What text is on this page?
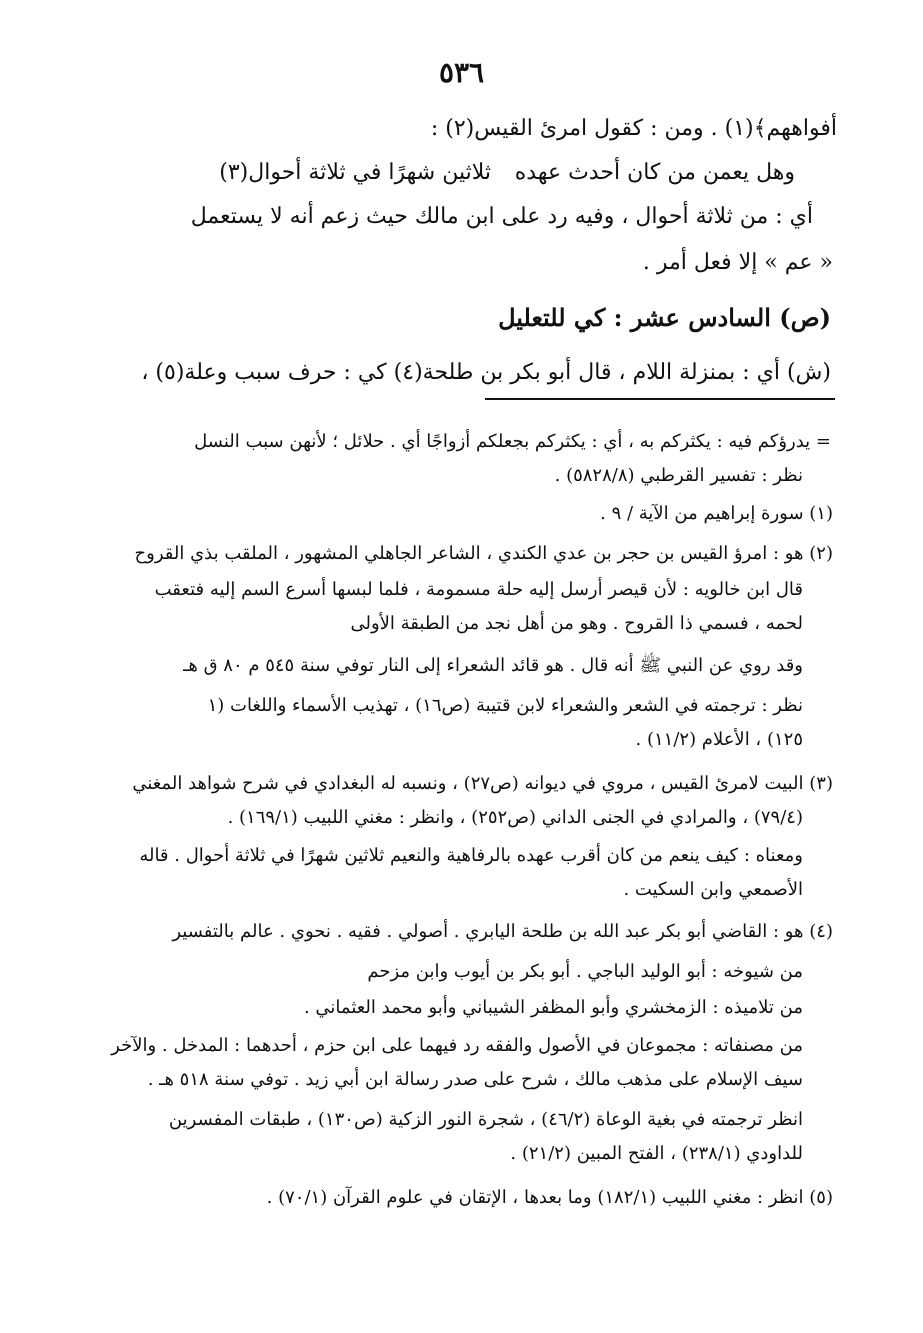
٥٣٦

أفواههم﴾(١) . ومن : كقول امرئ القيس(٢) :

وهل يعمن من كان أحدث عهده
ثلاثين شهرًا في ثلاثة أحوال(٣)

أي : من ثلاثة أحوال ، وفيه رد على ابن مالك حيث زعم أنه لا يستعمل

« عم » إلا فعل أمر .

(ص) السادس عشر : كي للتعليل

(ش) أي : بمنزلة اللام ، قال أبو بكر بن طلحة(٤) كي : حرف سبب وعلة(٥) ،

= يدرؤكم فيه : يكثركم به ، أي : يكثركم بجعلكم أزواجًا أي . حلائل ؛ لأنهن سبب النسل

نظر : تفسير القرطبي (٥٨٢٨/٨) .

(١) سورة إبراهيم من الآية / ٩ .

(٢) هو : امرؤ القيس بن حجر بن عدي الكندي ، الشاعر الجاهلي المشهور ، الملقب بذي القروح

قال ابن خالويه : لأن قيصر أرسل إليه حلة مسمومة ، فلما لبسها أسرع السم إليه فتعقب

لحمه ، فسمي ذا القروح . وهو من أهل نجد من الطبقة الأولى

وقد روي عن النبي ﷺ أنه قال . هو قائد الشعراء إلى النار توفي سنة ٥٤٥ م ٨٠ ق هـ

نظر : ترجمته في الشعر والشعراء لابن قتيبة (ص١٦) ، تهذيب الأسماء واللغات (١

١٢٥) ، الأعلام (١١/٢) .

(٣) البيت لامرئ القيس ، مروي في ديوانه (ص٢٧) ، ونسبه له البغدادي في شرح شواهد المغني

(٧٩/٤) ، والمرادي في الجنى الداني (ص٢٥٢) ، وانظر : مغني اللبيب (١٦٩/١) .

ومعناه : كيف ينعم من كان أقرب عهده بالرفاهية والنعيم ثلاثين شهرًا في ثلاثة أحوال . قاله

الأصمعي وابن السكيت .

(٤) هو : القاضي أبو بكر عبد الله بن طلحة اليابري . أصولي . فقيه . نحوي . عالم بالتفسير

من شيوخه : أبو الوليد الباجي . أبو بكر بن أيوب وابن مزحم

من تلاميذه : الزمخشري وأبو المظفر الشيباني وأبو محمد العثماني .

من مصنفاته : مجموعان في الأصول والفقه رد فيهما على ابن حزم ، أحدهما : المدخل . والآخر

سيف الإسلام على مذهب مالك ، شرح على صدر رسالة ابن أبي زيد . توفي سنة ٥١٨ هـ .

انظر ترجمته في بغية الوعاة (٤٦/٢) ، شجرة النور الزكية (ص١٣٠) ، طبقات المفسرين

للداودي (٢٣٨/١) ، الفتح المبين (٢١/٢) .

(٥) انظر : مغني اللبيب (١٨٢/١) وما بعدها ، الإتقان في علوم القرآن (٧٠/١) .
